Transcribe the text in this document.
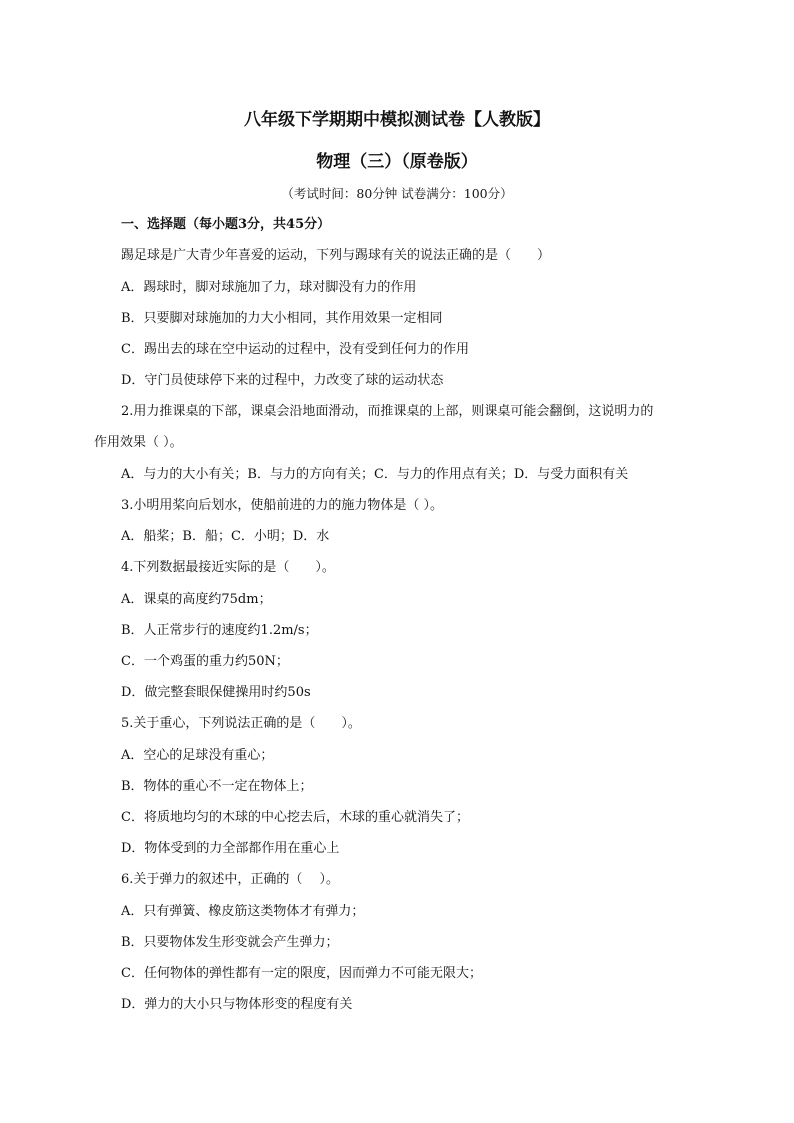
八年级下学期期中模拟测试卷【人教版】
物理（三）（原卷版）
（考试时间：80分钟 试卷满分：100分）
一、选择题（每小题3分，共45分）
踢足球是广大青少年喜爱的运动，下列与踢球有关的说法正确的是（　　）
A．踢球时，脚对球施加了力，球对脚没有力的作用
B．只要脚对球施加的力大小相同，其作用效果一定相同
C．踢出去的球在空中运动的过程中，没有受到任何力的作用
D．守门员使球停下来的过程中，力改变了球的运动状态
2.用力推课桌的下部，课桌会沿地面滑动，而推课桌的上部，则课桌可能会翻倒，这说明力的
作用效果（ ）。
A．与力的大小有关；B．与力的方向有关；C．与力的作用点有关；D．与受力面积有关
3.小明用桨向后划水，使船前进的力的施力物体是（ ）。
A．船桨；B．船；C．小明；D．水
4.下列数据最接近实际的是（　　）。
A．课桌的高度约75dm；
B．人正常步行的速度约1.2m/s；
C．一个鸡蛋的重力约50N；
D．做完整套眼保健操用时约50s
5.关于重心，下列说法正确的是（　　）。
A．空心的足球没有重心；
B．物体的重心不一定在物体上；
C．将质地均匀的木球的中心挖去后，木球的重心就消失了；
D．物体受到的力全部都作用在重心上
6.关于弹力的叙述中，正确的（　 ）。
A．只有弹簧、橡皮筋这类物体才有弹力；
B．只要物体发生形变就会产生弹力；
C．任何物体的弹性都有一定的限度，因而弹力不可能无限大；
D．弹力的大小只与物体形变的程度有关
